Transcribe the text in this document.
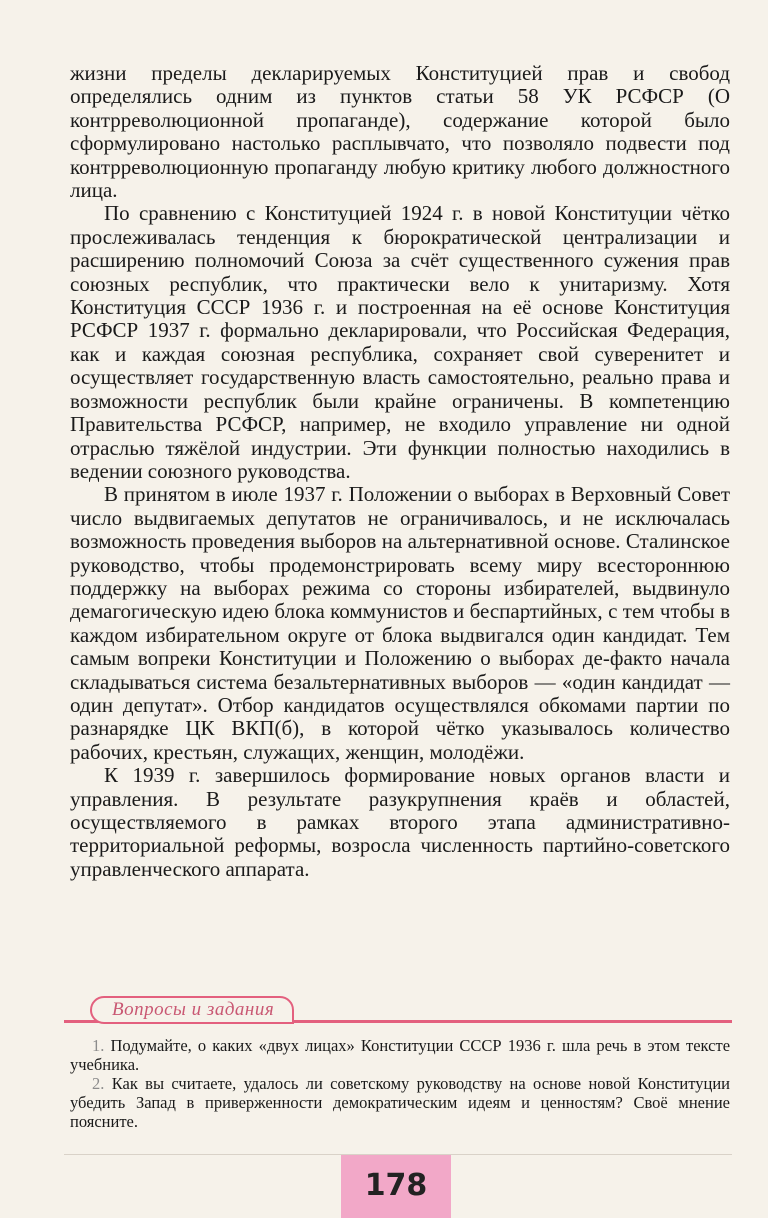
жизни пределы декларируемых Конституцией прав и свобод определялись одним из пунктов статьи 58 УК РСФСР (О контрреволюционной пропаганде), содержание которой было сформулировано настолько расплывчато, что позволяло подвести под контрреволюционную пропаганду любую критику любого должностного лица.

По сравнению с Конституцией 1924 г. в новой Конституции чётко прослеживалась тенденция к бюрократической централизации и расширению полномочий Союза за счёт существенного сужения прав союзных республик, что практически вело к унитаризму. Хотя Конституция СССР 1936 г. и построенная на её основе Конституция РСФСР 1937 г. формально декларировали, что Российская Федерация, как и каждая союзная республика, сохраняет свой суверенитет и осуществляет государственную власть самостоятельно, реально права и возможности республик были крайне ограничены. В компетенцию Правительства РСФСР, например, не входило управление ни одной отраслью тяжёлой индустрии. Эти функции полностью находились в ведении союзного руководства.

В принятом в июле 1937 г. Положении о выборах в Верховный Совет число выдвигаемых депутатов не ограничивалось, и не исключалась возможность проведения выборов на альтернативной основе. Сталинское руководство, чтобы продемонстрировать всему миру всестороннюю поддержку на выборах режима со стороны избирателей, выдвинуло демагогическую идею блока коммунистов и беспартийных, с тем чтобы в каждом избирательном округе от блока выдвигался один кандидат. Тем самым вопреки Конституции и Положению о выборах де-факто начала складываться система безальтернативных выборов — «один кандидат — один депутат». Отбор кандидатов осуществлялся обкомами партии по разнарядке ЦК ВКП(б), в которой чётко указывалось количество рабочих, крестьян, служащих, женщин, молодёжи.

К 1939 г. завершилось формирование новых органов власти и управления. В результате разукрупнения краёв и областей, осуществляемого в рамках второго этапа административно-территориальной реформы, возросла численность партийно-советского управленческого аппарата.

Вопросы и задания

1. Подумайте, о каких «двух лицах» Конституции СССР 1936 г. шла речь в этом тексте учебника.

2. Как вы считаете, удалось ли советскому руководству на основе новой Конституции убедить Запад в приверженности демократическим идеям и ценностям? Своё мнение поясните.

178
